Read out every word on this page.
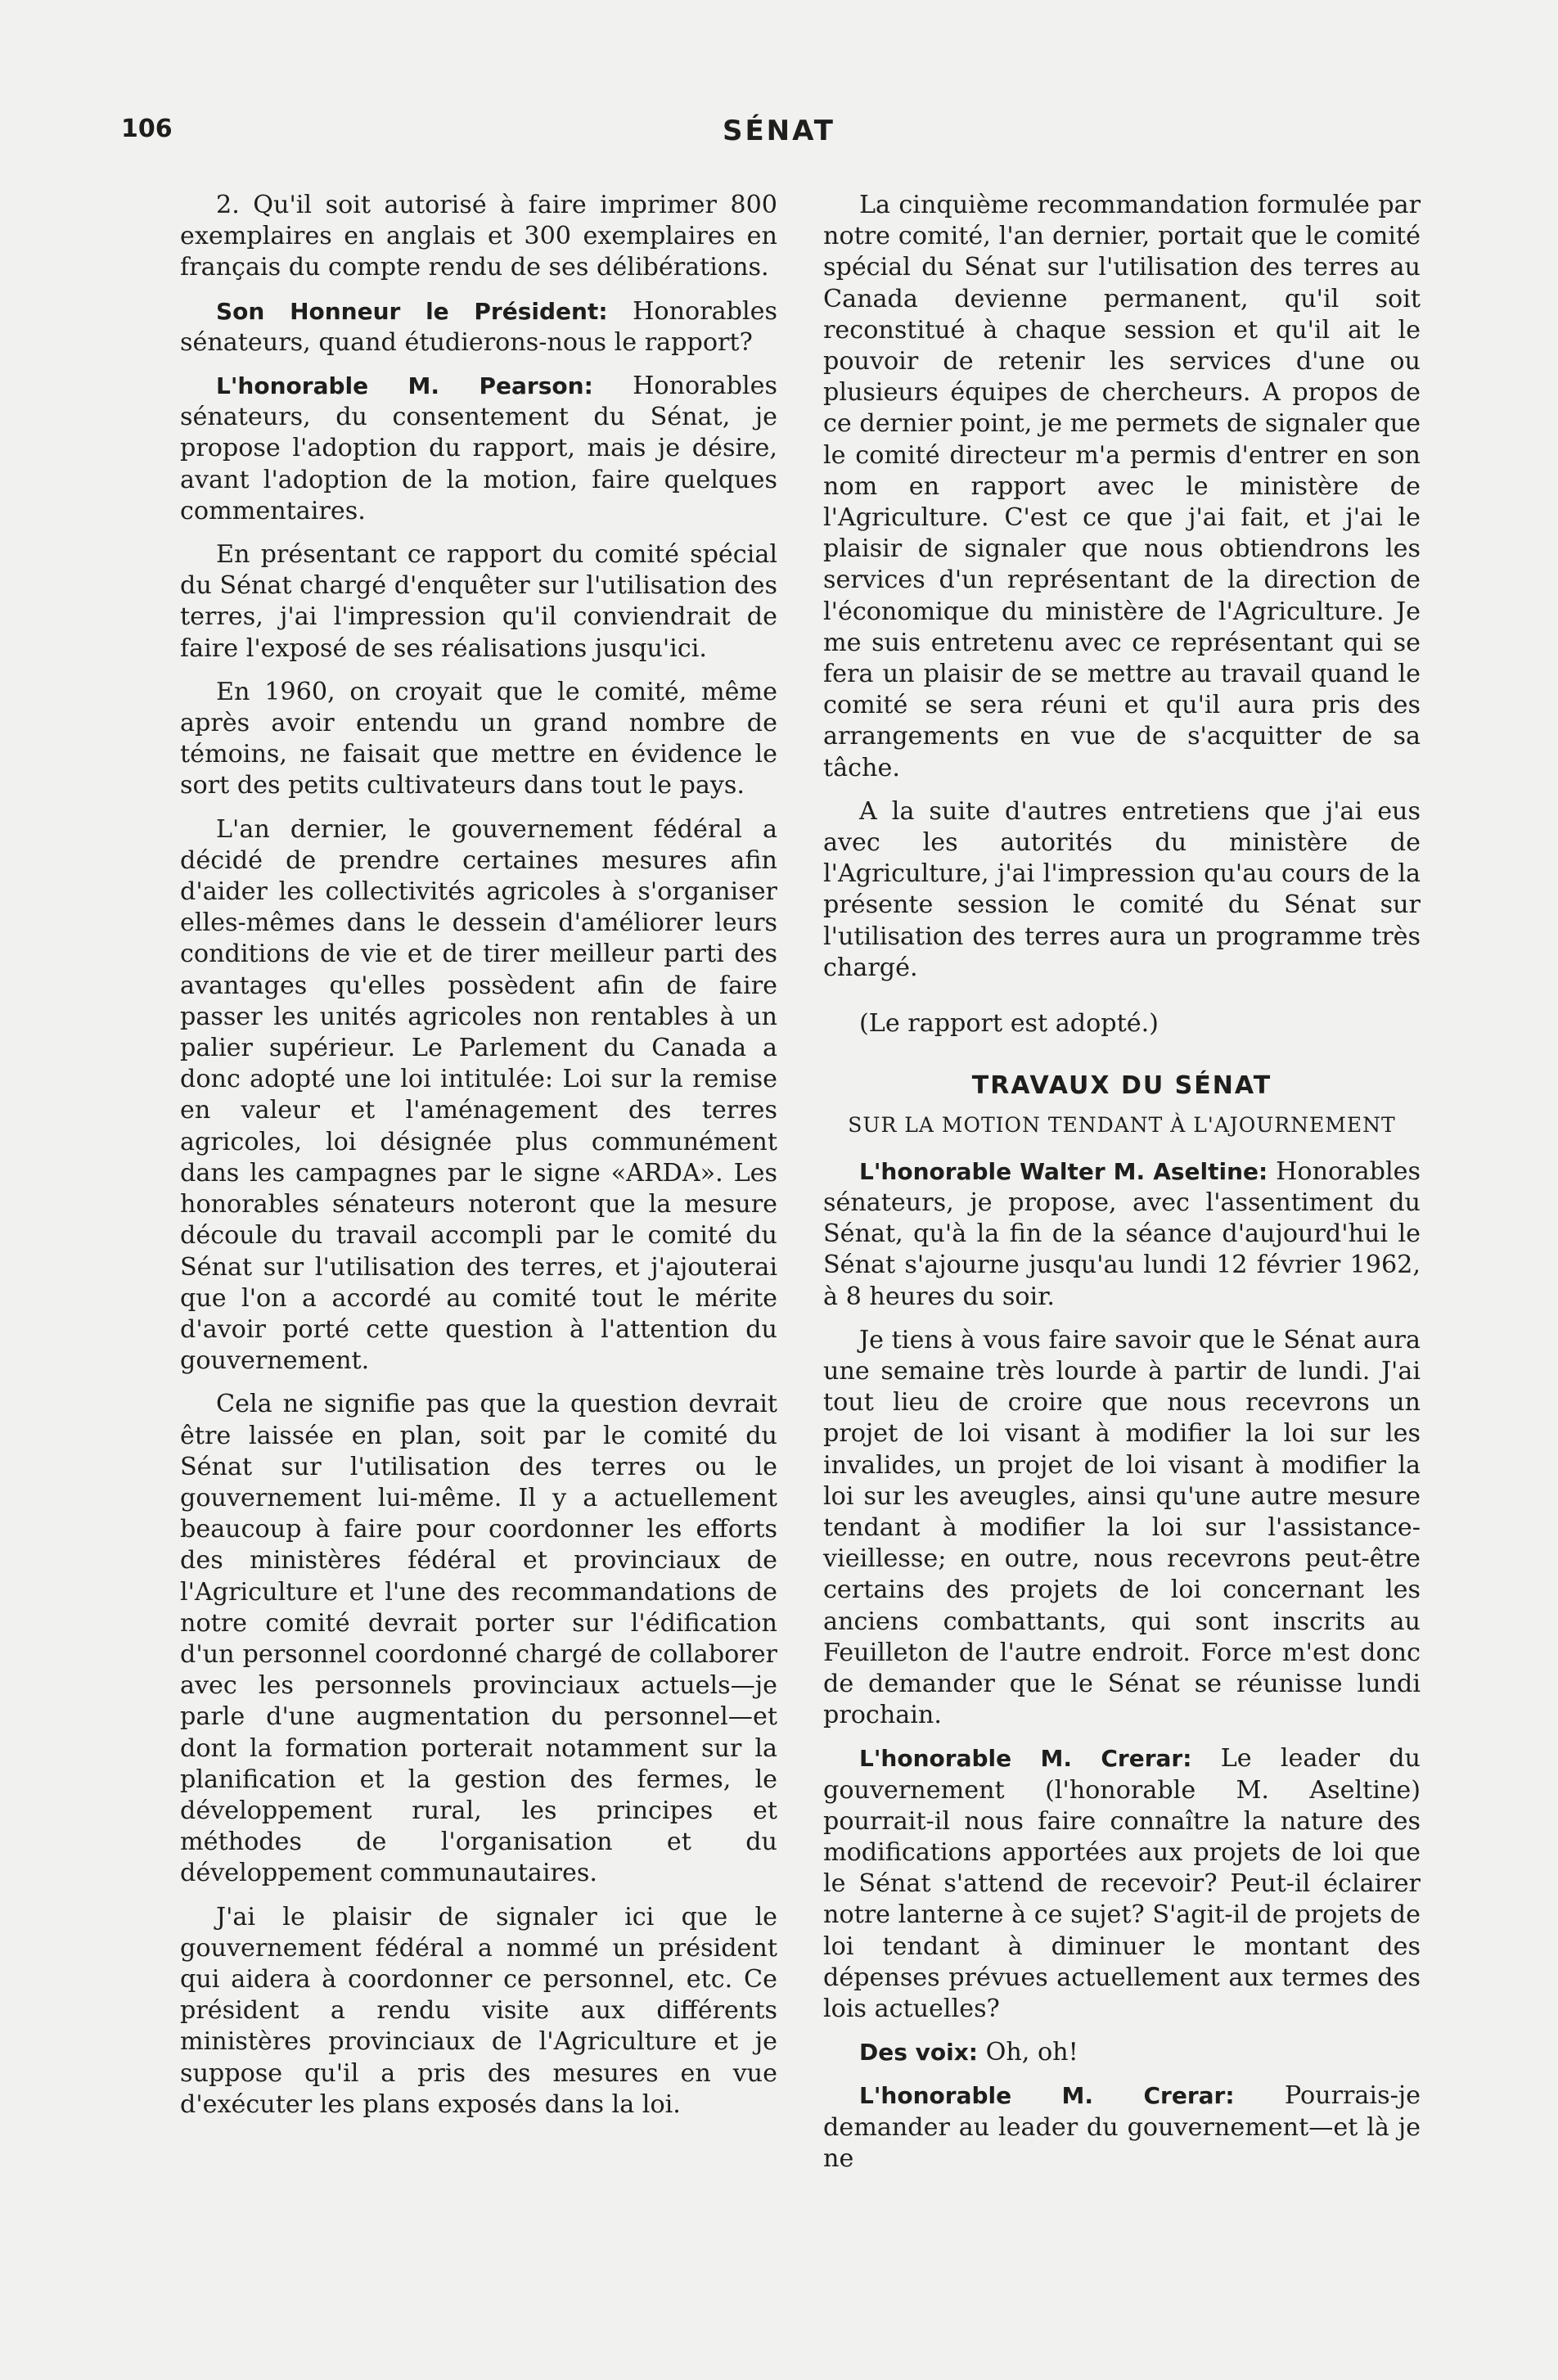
106	SÉNAT

2. Qu'il soit autorisé à faire imprimer 800 exemplaires en anglais et 300 exemplaires en français du compte rendu de ses délibérations.

Son Honneur le Président: Honorables sénateurs, quand étudierons-nous le rapport?

L'honorable M. Pearson: Honorables sénateurs, du consentement du Sénat, je propose l'adoption du rapport, mais je désire, avant l'adoption de la motion, faire quelques commentaires.

En présentant ce rapport du comité spécial du Sénat chargé d'enquêter sur l'utilisation des terres, j'ai l'impression qu'il conviendrait de faire l'exposé de ses réalisations jusqu'ici.

En 1960, on croyait que le comité, même après avoir entendu un grand nombre de témoins, ne faisait que mettre en évidence le sort des petits cultivateurs dans tout le pays.

L'an dernier, le gouvernement fédéral a décidé de prendre certaines mesures afin d'aider les collectivités agricoles à s'organiser elles-mêmes dans le dessein d'améliorer leurs conditions de vie et de tirer meilleur parti des avantages qu'elles possèdent afin de faire passer les unités agricoles non rentables à un palier supérieur. Le Parlement du Canada a donc adopté une loi intitulée: Loi sur la remise en valeur et l'aménagement des terres agricoles, loi désignée plus communément dans les campagnes par le signe «ARDA». Les honorables sénateurs noteront que la mesure découle du travail accompli par le comité du Sénat sur l'utilisation des terres, et j'ajouterai que l'on a accordé au comité tout le mérite d'avoir porté cette question à l'attention du gouvernement.

Cela ne signifie pas que la question devrait être laissée en plan, soit par le comité du Sénat sur l'utilisation des terres ou le gouvernement lui-même. Il y a actuellement beaucoup à faire pour coordonner les efforts des ministères fédéral et provinciaux de l'Agriculture et l'une des recommandations de notre comité devrait porter sur l'édification d'un personnel coordonné chargé de collaborer avec les personnels provinciaux actuels—je parle d'une augmentation du personnel—et dont la formation porterait notamment sur la planification et la gestion des fermes, le développement rural, les principes et méthodes de l'organisation et du développement communautaires.

J'ai le plaisir de signaler ici que le gouvernement fédéral a nommé un président qui aidera à coordonner ce personnel, etc. Ce président a rendu visite aux différents ministères provinciaux de l'Agriculture et je suppose qu'il a pris des mesures en vue d'exécuter les plans exposés dans la loi.

La cinquième recommandation formulée par notre comité, l'an dernier, portait que le comité spécial du Sénat sur l'utilisation des terres au Canada devienne permanent, qu'il soit reconstitué à chaque session et qu'il ait le pouvoir de retenir les services d'une ou plusieurs équipes de chercheurs. A propos de ce dernier point, je me permets de signaler que le comité directeur m'a permis d'entrer en son nom en rapport avec le ministère de l'Agriculture. C'est ce que j'ai fait, et j'ai le plaisir de signaler que nous obtiendrons les services d'un représentant de la direction de l'économique du ministère de l'Agriculture. Je me suis entretenu avec ce représentant qui se fera un plaisir de se mettre au travail quand le comité se sera réuni et qu'il aura pris des arrangements en vue de s'acquitter de sa tâche.

A la suite d'autres entretiens que j'ai eus avec les autorités du ministère de l'Agriculture, j'ai l'impression qu'au cours de la présente session le comité du Sénat sur l'utilisation des terres aura un programme très chargé.

(Le rapport est adopté.)

TRAVAUX DU SÉNAT
SUR LA MOTION TENDANT À L'AJOURNEMENT

L'honorable Walter M. Aseltine: Honorables sénateurs, je propose, avec l'assentiment du Sénat, qu'à la fin de la séance d'aujourd'hui le Sénat s'ajourne jusqu'au lundi 12 février 1962, à 8 heures du soir.

Je tiens à vous faire savoir que le Sénat aura une semaine très lourde à partir de lundi. J'ai tout lieu de croire que nous recevrons un projet de loi visant à modifier la loi sur les invalides, un projet de loi visant à modifier la loi sur les aveugles, ainsi qu'une autre mesure tendant à modifier la loi sur l'assistance-vieillesse; en outre, nous recevrons peut-être certains des projets de loi concernant les anciens combattants, qui sont inscrits au Feuilleton de l'autre endroit. Force m'est donc de demander que le Sénat se réunisse lundi prochain.

L'honorable M. Crerar: Le leader du gouvernement (l'honorable M. Aseltine) pourrait-il nous faire connaître la nature des modifications apportées aux projets de loi que le Sénat s'attend de recevoir? Peut-il éclairer notre lanterne à ce sujet? S'agit-il de projets de loi tendant à diminuer le montant des dépenses prévues actuellement aux termes des lois actuelles?

Des voix: Oh, oh!

L'honorable M. Crerar: Pourrais-je demander au leader du gouvernement—et là je ne
